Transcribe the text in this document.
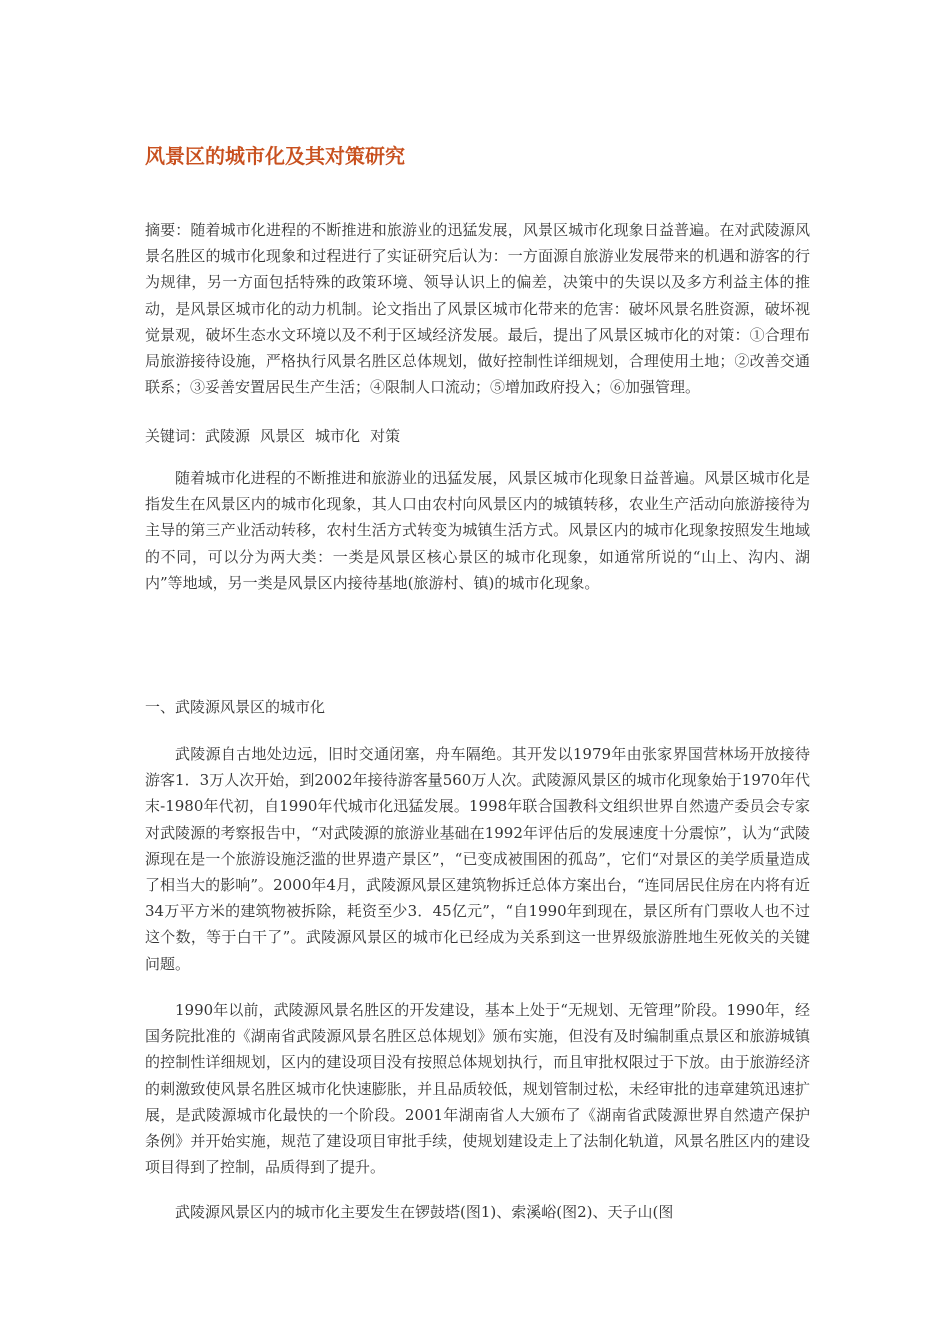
风景区的城市化及其对策研究

摘要：随着城市化进程的不断推进和旅游业的迅猛发展，风景区城市化现象日益普遍。在对武陵源风景名胜区的城市化现象和过程进行了实证研究后认为：一方面源自旅游业发展带来的机遇和游客的行为规律，另一方面包括特殊的政策环境、领导认识上的偏差，决策中的失误以及多方利益主体的推动，是风景区城市化的动力机制。论文指出了风景区城市化带来的危害：破坏风景名胜资源，破坏视觉景观，破坏生态水文环境以及不利于区域经济发展。最后，提出了风景区城市化的对策：①合理布局旅游接待设施，严格执行风景名胜区总体规划，做好控制性详细规划，合理使用土地；②改善交通联系；③妥善安置居民生产生活；④限制人口流动；⑤增加政府投入；⑥加强管理。

关键词：武陵源 风景区 城市化 对策

随着城市化进程的不断推进和旅游业的迅猛发展，风景区城市化现象日益普遍。风景区城市化是指发生在风景区内的城市化现象，其人口由农村向风景区内的城镇转移，农业生产活动向旅游接待为主导的第三产业活动转移，农村生活方式转变为城镇生活方式。风景区内的城市化现象按照发生地域的不同，可以分为两大类：一类是风景区核心景区的城市化现象，如通常所说的“山上、沟内、湖内”等地域，另一类是风景区内接待基地(旅游村、镇)的城市化现象。

一、武陵源风景区的城市化

武陵源自古地处边远，旧时交通闭塞，舟车隔绝。其开发以1979年由张家界国营林场开放接待游客1．3万人次开始，到2002年接待游客量560万人次。武陵源风景区的城市化现象始于1970年代末-1980年代初，自1990年代城市化迅猛发展。1998年联合国教科文组织世界自然遗产委员会专家对武陵源的考察报告中，“对武陵源的旅游业基础在1992年评估后的发展速度十分震惊”，认为“武陵源现在是一个旅游设施泛滥的世界遗产景区”，“已变成被围困的孤岛”，它们“对景区的美学质量造成了相当大的影响”。2000年4月，武陵源风景区建筑物拆迁总体方案出台，“连同居民住房在内将有近34万平方米的建筑物被拆除，耗资至少3．45亿元”，“自1990年到现在，景区所有门票收人也不过这个数，等于白干了”。武陵源风景区的城市化已经成为关系到这一世界级旅游胜地生死攸关的关键问题。

1990年以前，武陵源风景名胜区的开发建设，基本上处于“无规划、无管理”阶段。1990年，经国务院批准的《湖南省武陵源风景名胜区总体规划》颁布实施，但没有及时编制重点景区和旅游城镇的控制性详细规划，区内的建设项目没有按照总体规划执行，而且审批权限过于下放。由于旅游经济的刺激致使风景名胜区城市化快速膨胀，并且品质较低，规划管制过松，未经审批的违章建筑迅速扩展，是武陵源城市化最快的一个阶段。2001年湖南省人大颁布了《湖南省武陵源世界自然遗产保护条例》并开始实施，规范了建设项目审批手续，使规划建设走上了法制化轨道，风景名胜区内的建设项目得到了控制，品质得到了提升。

武陵源风景区内的城市化主要发生在锣鼓塔(图1)、索溪峪(图2)、天子山(图
